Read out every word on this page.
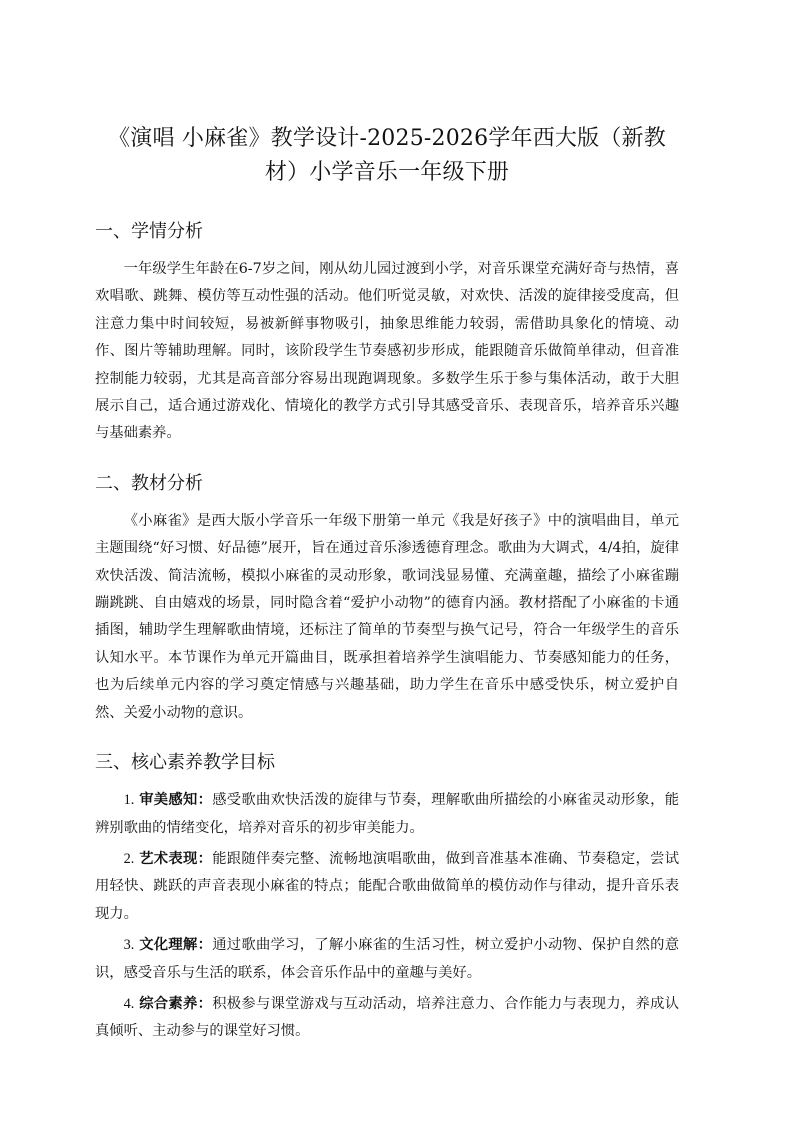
《演唱 小麻雀》教学设计-2025-2026学年西大版（新教材）小学音乐一年级下册
一、学情分析

一年级学生年龄在6-7岁之间，刚从幼儿园过渡到小学，对音乐课堂充满好奇与热情，喜欢唱歌、跳舞、模仿等互动性强的活动。他们听觉灵敏，对欢快、活泼的旋律接受度高，但注意力集中时间较短，易被新鲜事物吸引，抽象思维能力较弱，需借助具象化的情境、动作、图片等辅助理解。同时，该阶段学生节奏感初步形成，能跟随音乐做简单律动，但音准控制能力较弱，尤其是高音部分容易出现跑调现象。多数学生乐于参与集体活动，敢于大胆展示自己，适合通过游戏化、情境化的教学方式引导其感受音乐、表现音乐，培养音乐兴趣与基础素养。

二、教材分析

《小麻雀》是西大版小学音乐一年级下册第一单元《我是好孩子》中的演唱曲目，单元主题围绕“好习惯、好品德”展开，旨在通过音乐渗透德育理念。歌曲为大调式，4/4拍，旋律欢快活泼、简洁流畅，模拟小麻雀的灵动形象，歌词浅显易懂、充满童趣，描绘了小麻雀蹦蹦跳跳、自由嬉戏的场景，同时隐含着“爱护小动物”的德育内涵。教材搭配了小麻雀的卡通插图，辅助学生理解歌曲情境，还标注了简单的节奏型与换气记号，符合一年级学生的音乐认知水平。本节课作为单元开篇曲目，既承担着培养学生演唱能力、节奏感知能力的任务，也为后续单元内容的学习奠定情感与兴趣基础，助力学生在音乐中感受快乐，树立爱护自然、关爱小动物的意识。

三、核心素养教学目标

1. 审美感知：感受歌曲欢快活泼的旋律与节奏，理解歌曲所描绘的小麻雀灵动形象，能辨别歌曲的情绪变化，培养对音乐的初步审美能力。

2. 艺术表现：能跟随伴奏完整、流畅地演唱歌曲，做到音准基本准确、节奏稳定，尝试用轻快、跳跃的声音表现小麻雀的特点；能配合歌曲做简单的模仿动作与律动，提升音乐表现力。

3. 文化理解：通过歌曲学习，了解小麻雀的生活习性，树立爱护小动物、保护自然的意识，感受音乐与生活的联系，体会音乐作品中的童趣与美好。

4. 综合素养：积极参与课堂游戏与互动活动，培养注意力、合作能力与表现力，养成认真倾听、主动参与的课堂好习惯。
